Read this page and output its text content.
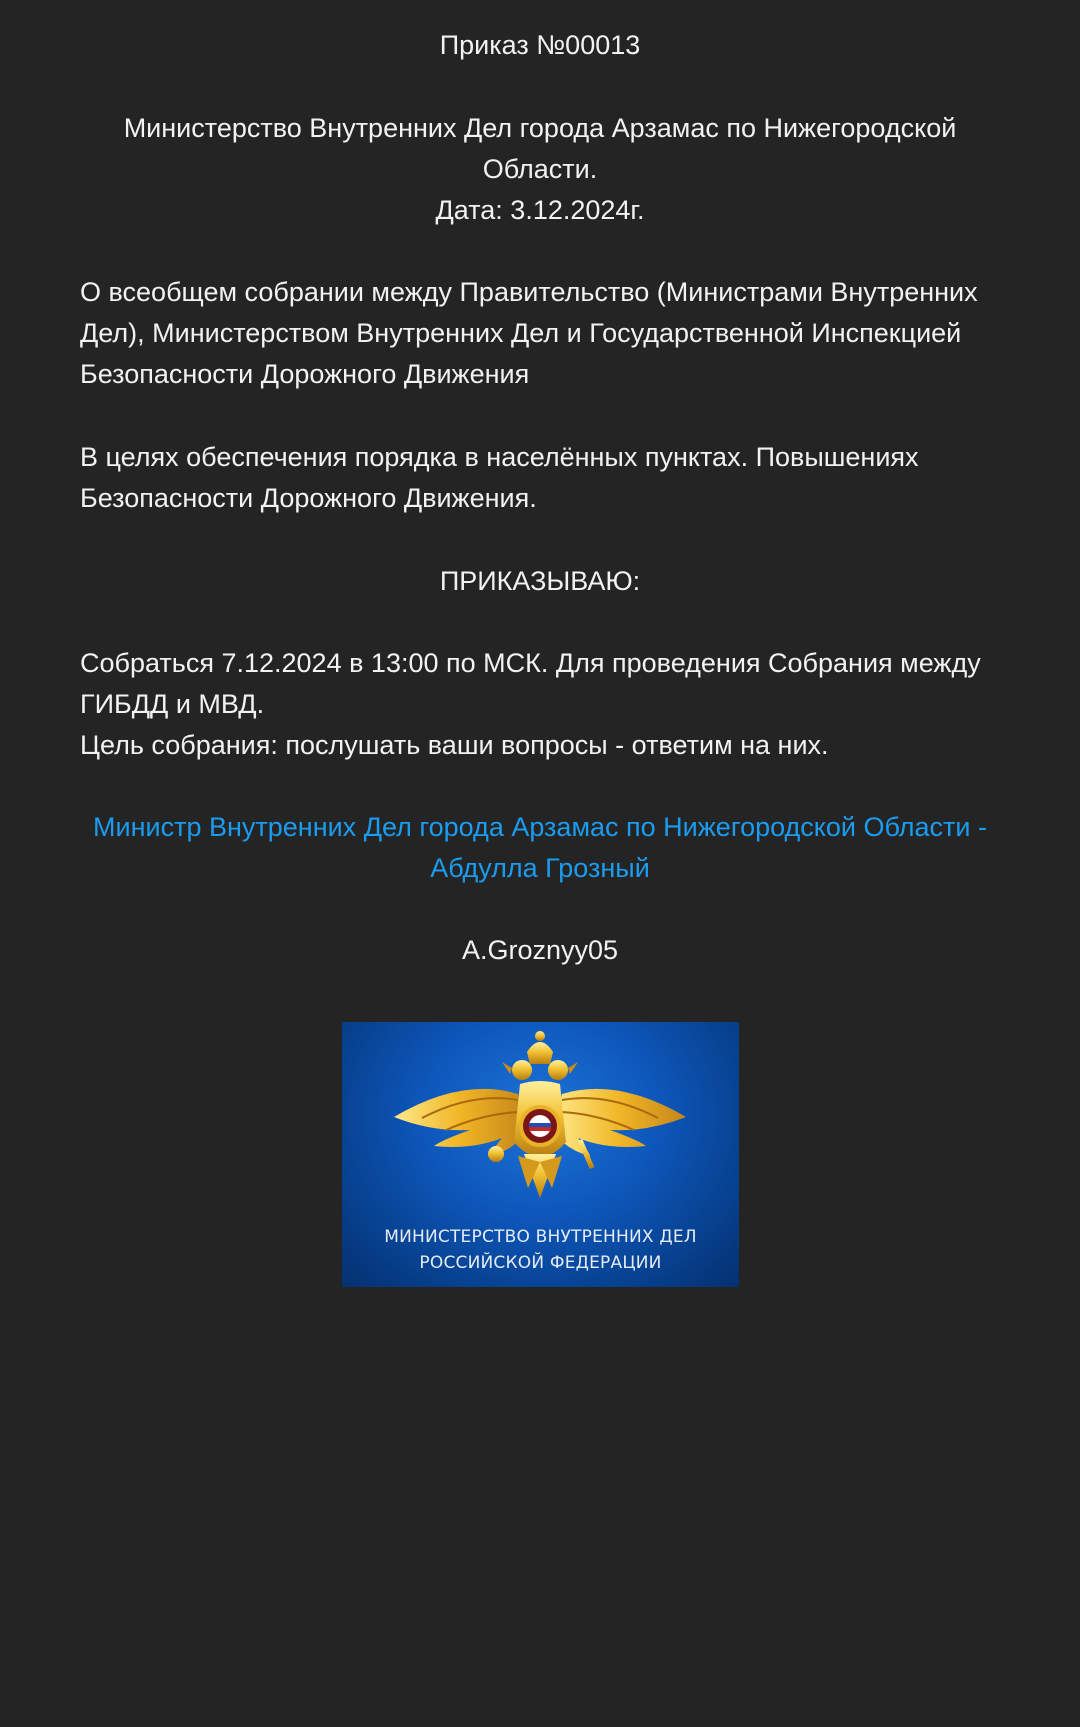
Приказ №00013

Министерство Внутренних Дел города Арзамас по Нижегородской

Области.

Дата: 3.12.2024г.

О всеобщем собрании между Правительство (Министрами Внутренних Дел), Министерством Внутренних Дел и Государственной Инспекцией Безопасности Дорожного Движения

В целях обеспечения порядка в населённых пунктах. Повышениях Безопасности Дорожного Движения.

ПРИКАЗЫВАЮ:

Собраться 7.12.2024 в 13:00 по МСК. Для проведения Собрания между ГИБДД и МВД.

Цель собрания: послушать ваши вопросы - ответим на них.

Министр Внутренних Дел города Арзамас по Нижегородской Области -

Абдулла Грозный

A.Groznyy05

МИНИСТЕРСТВО ВНУТРЕННИХ ДЕЛ
РОССИЙСКОЙ ФЕДЕРАЦИИ
